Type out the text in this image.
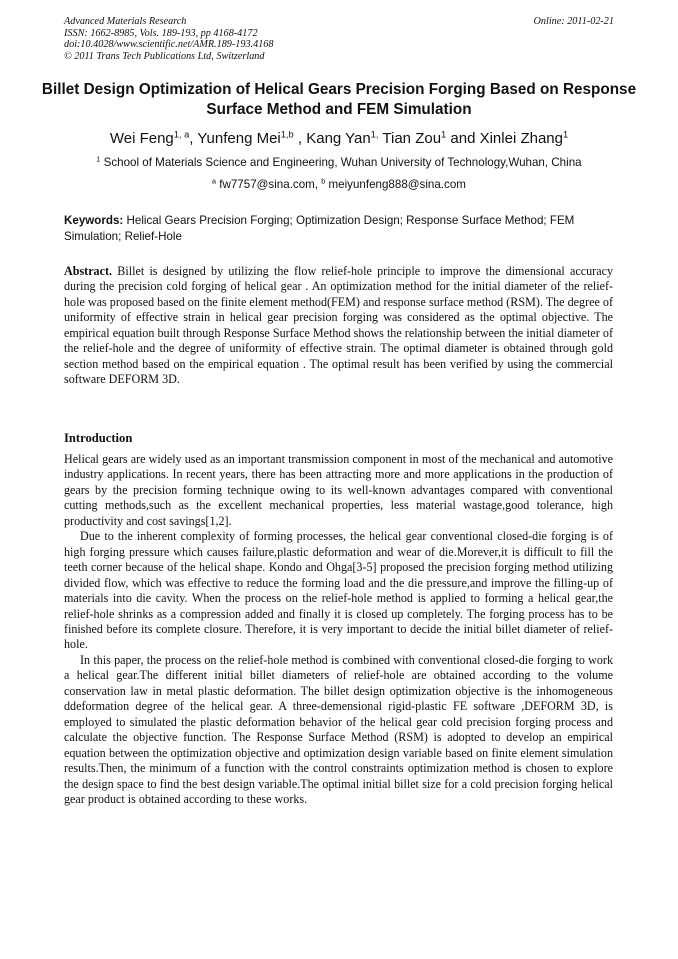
Advanced Materials Research
ISSN: 1662-8985, Vols. 189-193, pp 4168-4172
doi:10.4028/www.scientific.net/AMR.189-193.4168
© 2011 Trans Tech Publications Ltd, Switzerland
Online: 2011-02-21
Billet Design Optimization of Helical Gears Precision Forging Based on Response Surface Method and FEM Simulation
Wei Feng$^{1, a}$, Yunfeng Mei$^{1,b}$ , Kang Yan$^{1,}$ Tian Zou$^1$ and Xinlei Zhang$^1$
$^1$ School of Materials Science and Engineering, Wuhan University of Technology,Wuhan, China
$^a$ fw7757@sina.com, $^b$ meiyunfeng888@sina.com
Keywords: Helical Gears Precision Forging; Optimization Design; Response Surface Method; FEM Simulation; Relief-Hole
Abstract. Billet is designed by utilizing the flow relief-hole principle to improve the dimensional accuracy during the precision cold forging of helical gear . An optimization method for the initial diameter of the relief-hole was proposed based on the finite element method(FEM) and response surface method (RSM). The degree of uniformity of effective strain in helical gear precision forging was considered as the optimal objective. The empirical equation built through Response Surface Method shows the relationship between the initial diameter of the relief-hole and the degree of uniformity of effective strain. The optimal diameter is obtained through gold section method based on the empirical equation . The optimal result has been verified by using the commercial software DEFORM 3D.
Introduction

Helical gears are widely used as an important transmission component in most of the mechanical and automotive industry applications. In recent years, there has been attracting more and more applications in the production of gears by the precision forming technique owing to its well-known advantages compared with conventional cutting methods,such as the excellent mechanical properties, less material wastage,good tolerance, high productivity and cost savings[1,2].

Due to the inherent complexity of forming processes, the helical gear conventional closed-die forging is of high forging pressure which causes failure,plastic deformation and wear of die.Morever,it is difficult to fill the teeth corner because of the helical shape. Kondo and Ohga[3-5] proposed the precision forging method utilizing divided flow, which was effective to reduce the forming load and the die pressure,and improve the filling-up of materials into die cavity. When the process on the relief-hole method is applied to forming a helical gear,the relief-hole shrinks as a compression added and finally it is closed up completely. The forging process has to be finished before its complete closure. Therefore, it is very important to decide the initial billet diameter of relief-hole.

In this paper, the process on the relief-hole method is combined with conventional closed-die forging to work a helical gear.The different initial billet diameters of relief-hole are obtained according to the volume conservation law in metal plastic deformation. The billet design optimization objective is the inhomogeneous ddeformation degree of the helical gear. A three-demensional rigid-plastic FE software ,DEFORM 3D, is employed to simulated the plastic deformation behavior of the helical gear cold precision forging process and calculate the objective function. The Response Surface Method (RSM) is adopted to develop an empirical equation between the optimization objective and optimization design variable based on finite element simulation results.Then, the minimum of a function with the control constraints optimization method is chosen to explore the design space to find the best design variable.The optimal initial billet size for a cold precision forging helical gear product is obtained according to these works.
